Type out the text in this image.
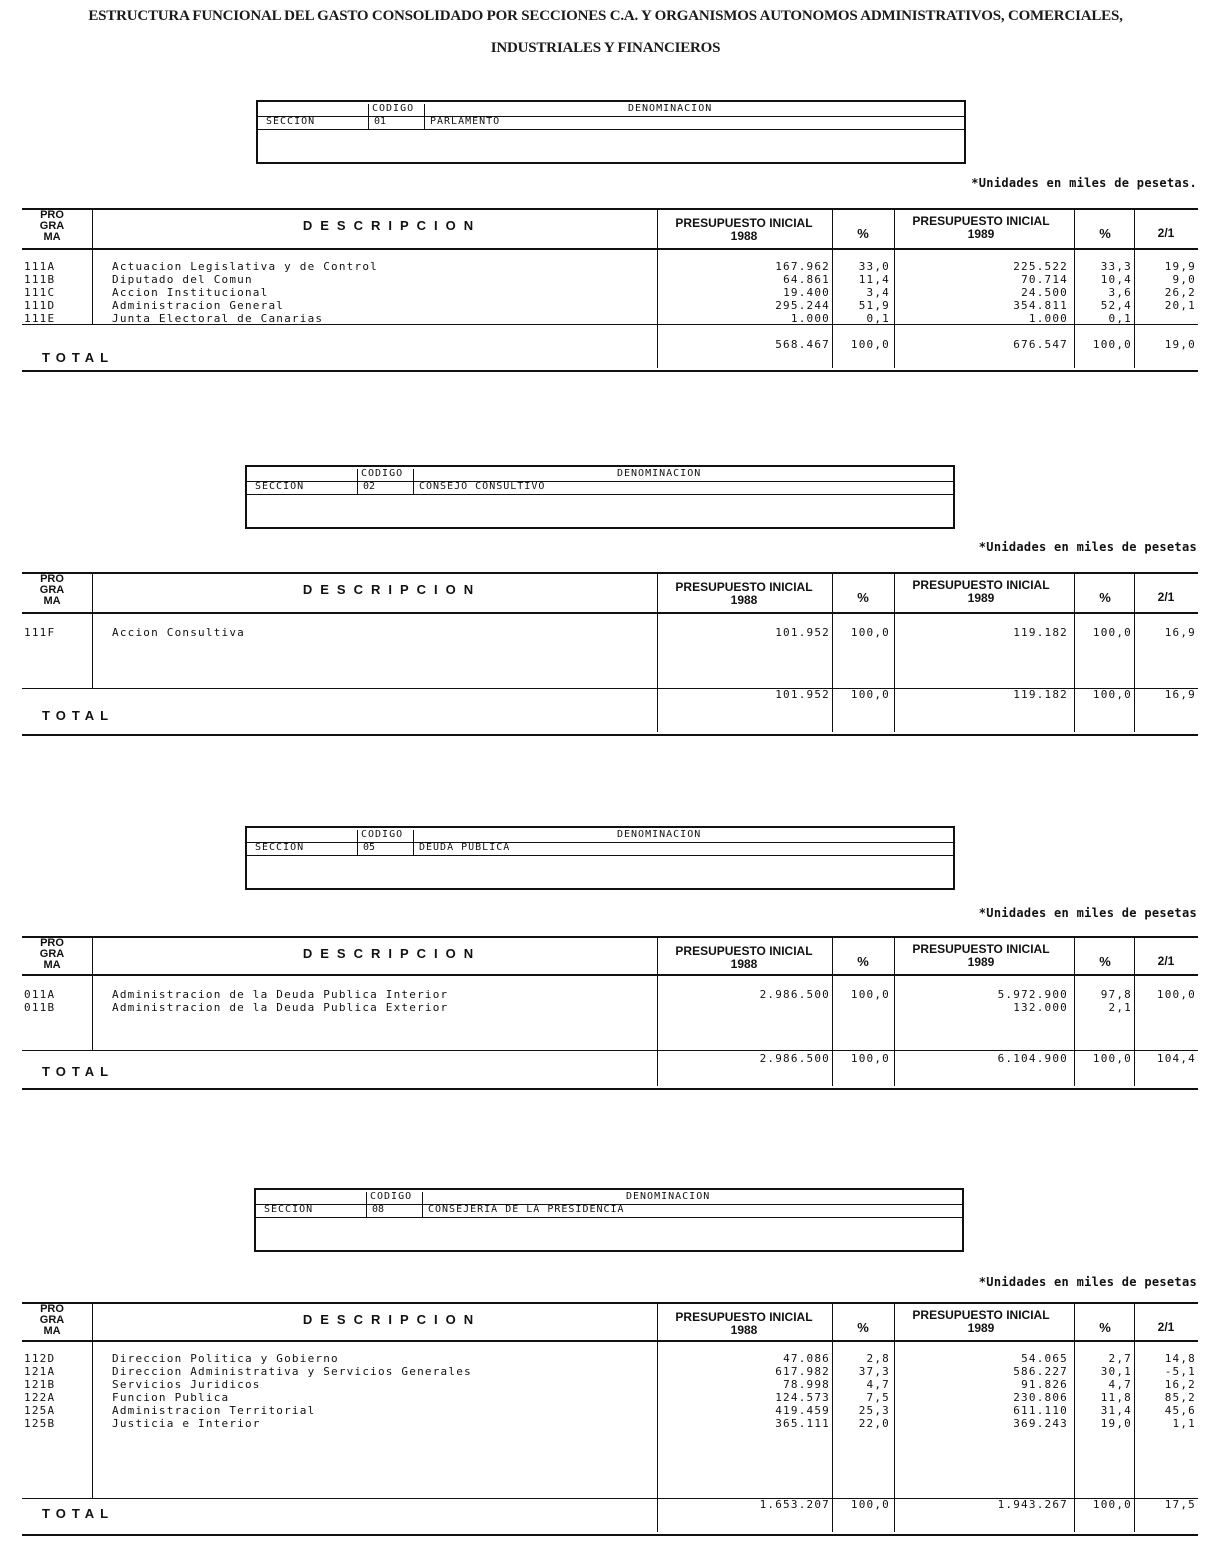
ESTRUCTURA FUNCIONAL DEL GASTO CONSOLIDADO POR SECCIONES C.A. Y ORGANISMOS AUTONOMOS ADMINISTRATIVOS, COMERCIALES,
INDUSTRIALES Y FINANCIEROS
CODIGO	DENOMINACION
SECCION	01	PARLAMENTO
*Unidades en miles de pesetas.
PRO
GRA
MA
DESCRIPCION	PRESUPUESTO INICIAL
1988	%
PRESUPUESTO INICIAL
1989	%	2/1
111A	Actuacion Legislativa y de Control	167.962	33,0	225.522	33,3	19,9
111B	Diputado del Comun	64.861	11,4	70.714	10,4	9,0
111C	Accion Institucional	19.400	3,4	24.500	3,6	26,2
111D	Administracion General	295.244	51,9	354.811	52,4	20,1
111E	Junta Electoral de Canarias	1.000	0,1	1.000	0,1
TOTAL
568.467 100,0	676.547 100,0	19,0
CODIGO	DENOMINACION
SECCION	02	CONSEJO CONSULTIVO
*Unidades en miles de pesetas
PRO
GRA
MA
DESCRIPCION	PRESUPUESTO INICIAL
1988	%
PRESUPUESTO INICIAL
1989	%	2/1
111F	Accion Consultiva	101.952 100,0	119.182 100,0	16,9
TOTAL
101.952 100,0	119.182 100,0	16,9
CODIGO	DENOMINACION
SECCION	05	DEUDA PUBLICA
*Unidades en miles de pesetas
PRO
GRA
MA
DESCRIPCION	PRESUPUESTO INICIAL
1988	%
PRESUPUESTO INICIAL
1989	%	2/1
011A	Administracion de la Deuda Publica Interior	2.986.500 100,0	5.972.900	97,8 100,0
011B	Administracion de la Deuda Publica Exterior	132.000	2,1
TOTAL
2.986.500 100,0	6.104.900 100,0 104,4
CODIGO	DENOMINACION
SECCION	08	CONSEJERIA DE LA PRESIDENCIA
*Unidades en miles de pesetas
PRO
GRA
MA
DESCRIPCION	PRESUPUESTO INICIAL
1988	%
PRESUPUESTO INICIAL
1989	%	2/1
112D	Direccion Politica y Gobierno	47.086	2,8	54.065	2,7	14,8
121A	Direccion Administrativa y Servicios Generales	617.982	37,3	586.227	30,1	-5,1
121B	Servicios Juridicos	78.998	4,7	91.826	4,7	16,2
122A	Funcion Publica	124.573	7,5	230.806	11,8	85,2
125A	Administracion Territorial	419.459	25,3	611.110	31,4	45,6
125B	Justicia e Interior	365.111	22,0	369.243	19,0	1,1
TOTAL
1.653.207 100,0	1.943.267 100,0	17,5
